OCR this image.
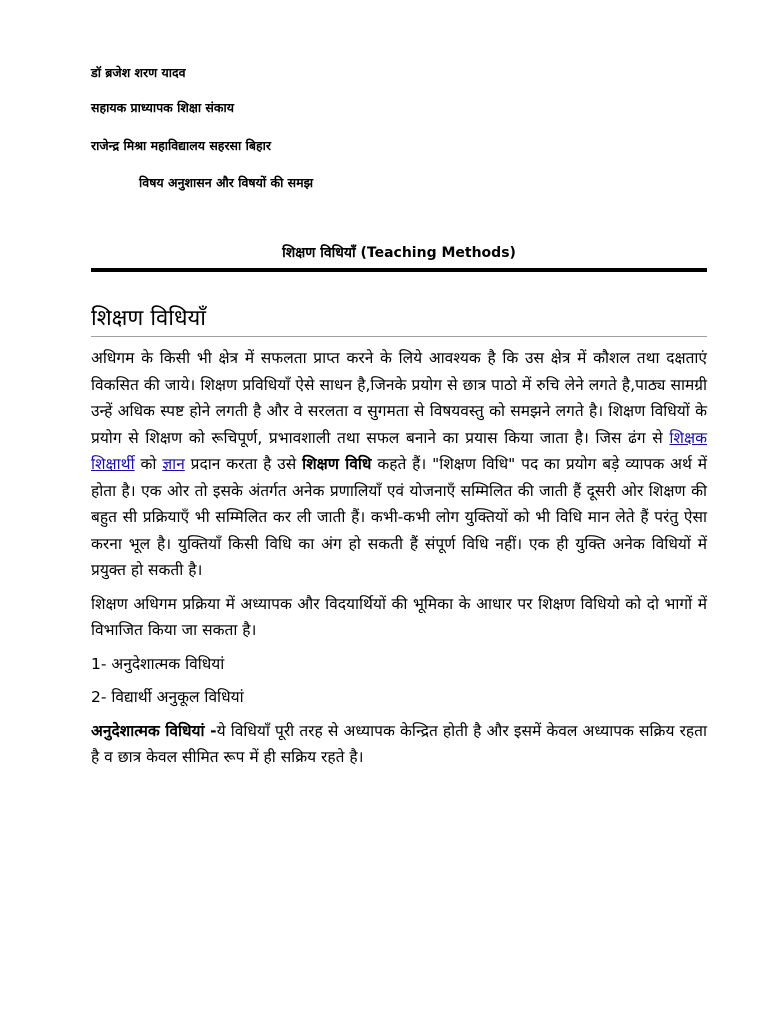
डॉ ब्रजेश शरण यादव
सहायक प्राध्यापक शिक्षा संकाय
राजेन्द्र मिश्रा महाविद्यालय सहरसा बिहार
विषय अनुशासन और विषयों की समझ
शिक्षण विधियाँ (Teaching Methods)
शिक्षण विधियाँ

अधिगम के किसी भी क्षेत्र में सफलता प्राप्त करने के लिये आवश्यक है कि उस क्षेत्र में कौशल तथा दक्षताएं विकसित की जाये। शिक्षण प्रविधियाँ ऐसे साधन है,जिनके प्रयोग से छात्र पाठो में रुचि लेने लगते है,पाठ्य सामग्री उन्हें अधिक स्पष्ट होने लगती है और वे सरलता व सुगमता से विषयवस्तु को समझने लगते है। शिक्षण विधियों के प्रयोग से शिक्षण को रूचिपूर्ण, प्रभावशाली तथा सफल बनाने का प्रयास किया जाता है। जिस ढंग से शिक्षक शिक्षार्थी को ज्ञान प्रदान करता है उसे शिक्षण विधि कहते हैं। "शिक्षण विधि" पद का प्रयोग बड़े व्यापक अर्थ में होता है। एक ओर तो इसके अंतर्गत अनेक प्रणालियाँ एवं योजनाएँ सम्मिलित की जाती हैं दूसरी ओर शिक्षण की बहुत सी प्रक्रियाएँ भी सम्मिलित कर ली जाती हैं। कभी-कभी लोग युक्तियों को भी विधि मान लेते हैं परंतु ऐसा करना भूल है। युक्तियाँ किसी विधि का अंग हो सकती हैं संपूर्ण विधि नहीं। एक ही युक्ति अनेक विधियों में प्रयुक्त हो सकती है।

शिक्षण अधिगम प्रक्रिया में अध्यापक और विदयार्थियों की भूमिका के आधार पर शिक्षण विधियो को दो भागों में विभाजित किया जा सकता है।

1- अनुदेशात्मक विधियां

2- विद्यार्थी अनुकूल विधियां

अनुदेशात्मक विधियां -ये विधियाँ पूरी तरह से अध्यापक केन्द्रित होती है और इसमें केवल अध्यापक सक्रिय रहता है व छात्र केवल सीमित रूप में ही सक्रिय रहते है।
